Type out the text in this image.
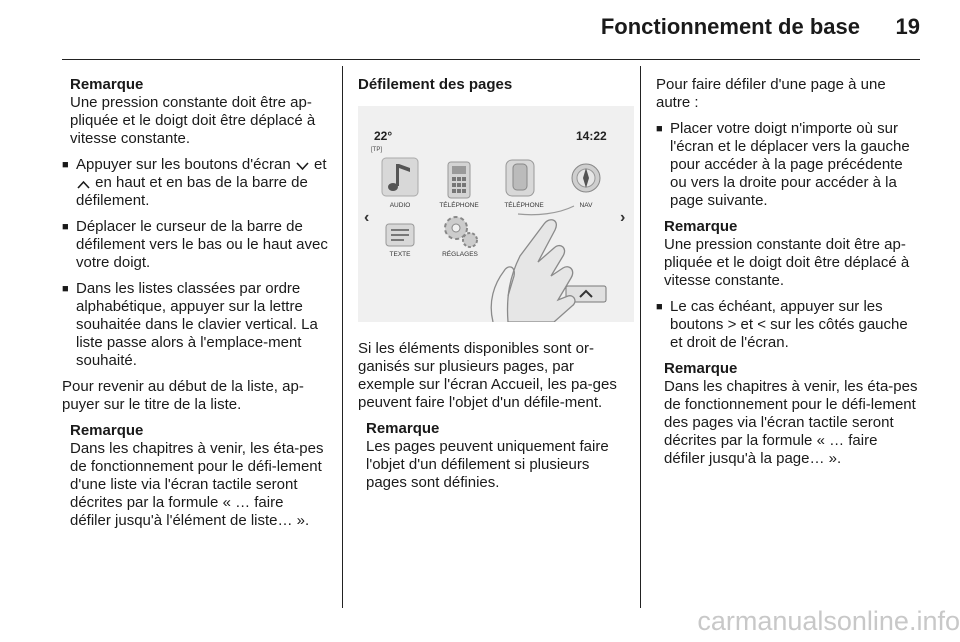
Fonctionnement de base	19

Remarque

Une pression constante doit être ap-pliquée et le doigt doit être déplacé à vitesse constante.

■ Appuyer sur les boutons d'écran et  en haut et en bas de la barre de défilement.
■ Déplacer le curseur de la barre de défilement vers le bas ou le haut avec votre doigt.
■ Dans les listes classées par ordre alphabétique, appuyer sur la lettre souhaitée dans le clavier vertical. La liste passe alors à l'emplace-ment souhaité.

Pour revenir au début de la liste, ap-puyer sur le titre de la liste.

Remarque

Dans les chapitres à venir, les éta-pes de fonctionnement pour le défi-lement d'une liste via l'écran tactile seront décrites par la formule « … faire défiler jusqu'à l'élément de liste… ».

Défilement des pages

22°
[TP]
14:22
AUDIO	TÉLÉPHONE	TÉLÉPHONE	NAV
TEXTE	RÉGLAGES
‹	›

Si les éléments disponibles sont or-ganisés sur plusieurs pages, par exemple sur l'écran Accueil, les pa-ges peuvent faire l'objet d'un défile-ment.

Remarque

Les pages peuvent uniquement faire l'objet d'un défilement si plusieurs pages sont définies.

Pour faire défiler d'une page à une autre :

■ Placer votre doigt n'importe où sur l'écran et le déplacer vers la gauche pour accéder à la page précédente ou vers la droite pour accéder à la page suivante.

Remarque

Une pression constante doit être ap-pliquée et le doigt doit être déplacé à vitesse constante.

■ Le cas échéant, appuyer sur les boutons > et < sur les côtés gauche et droit de l'écran.

Remarque

Dans les chapitres à venir, les éta-pes de fonctionnement pour le défi-lement des pages via l'écran tactile seront décrites par la formule « … faire défiler jusqu'à la page… ».

carmanualsonline.info
